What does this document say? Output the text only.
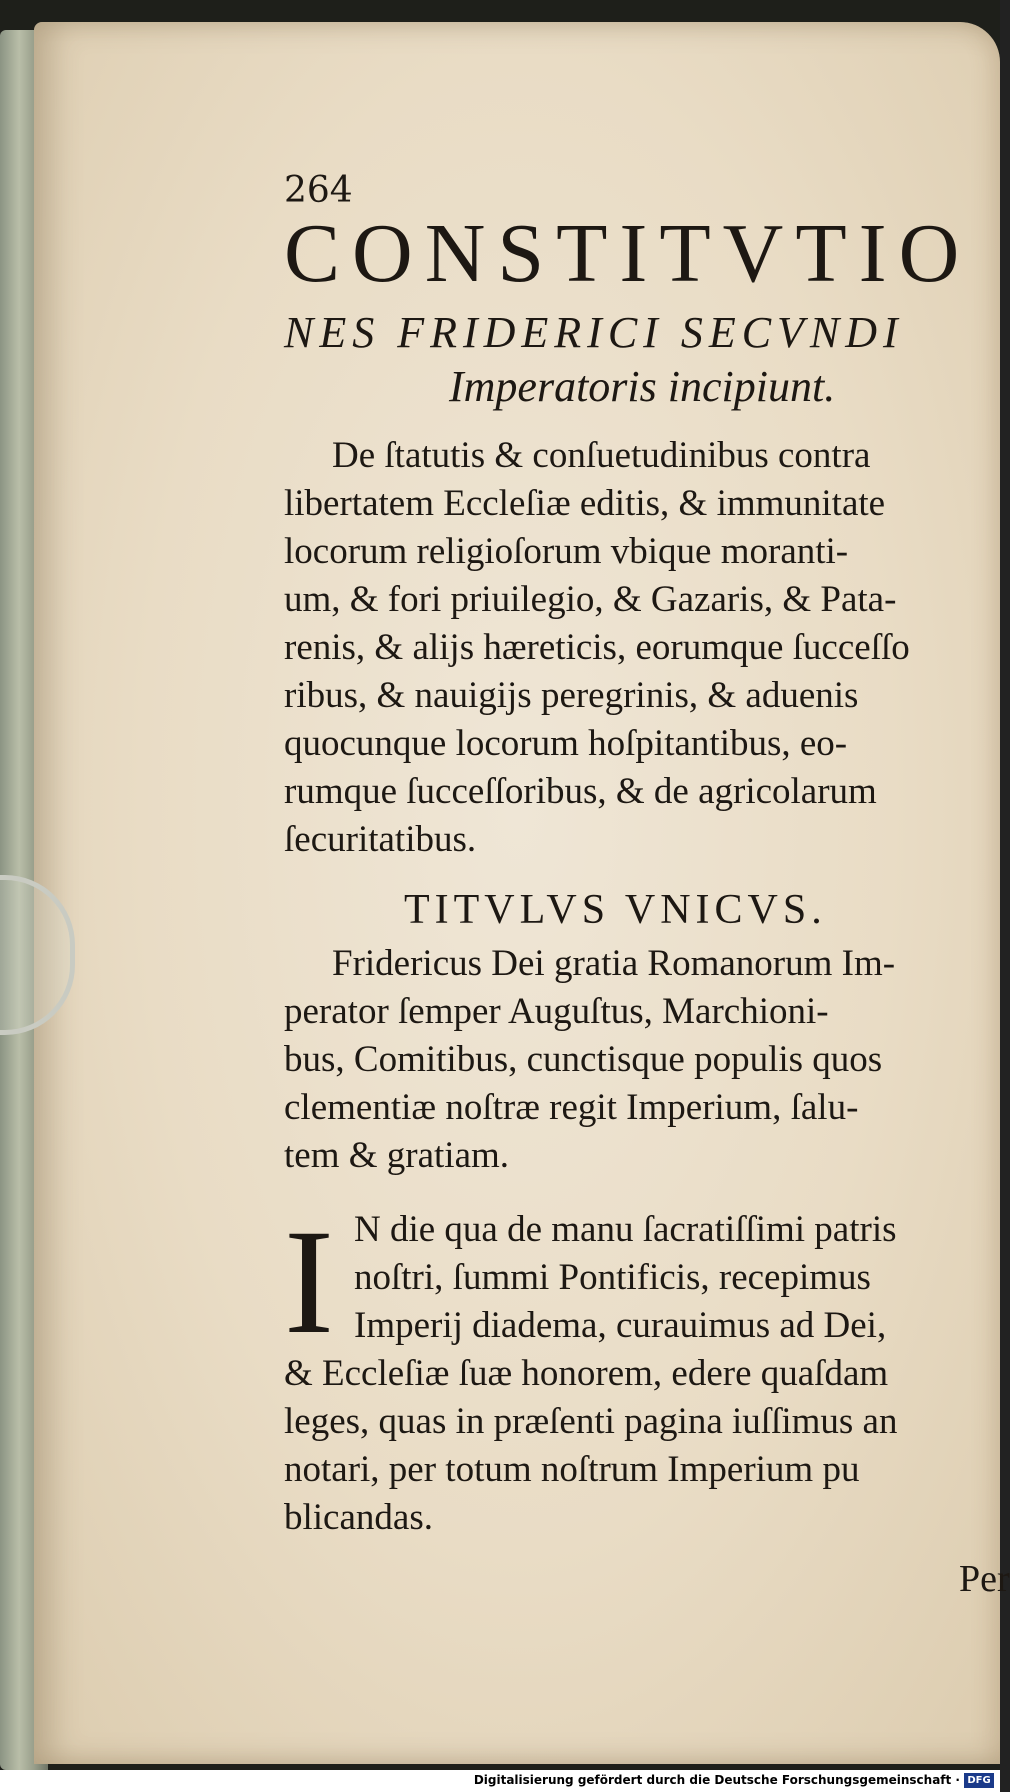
264

CONSTITVTIO

NES FRIDERICI SECVNDI

Imperatoris incipiunt.

De ſtatutis & conſuetudinibus contra
libertatem Eccleſiæ editis, & immunitate
locorum religioſorum vbique moranti-
um, & fori priuilegio, & Gazaris, & Pata-
renis, & alijs hæreticis, eorumque ſucceſſo
ribus, & nauigijs peregrinis, & aduenis
quocunque locorum hoſpitantibus, eo-
rumque ſucceſſoribus, & de agricolarum
ſecuritatibus.

TITVLVS VNICVS.

Fridericus Dei gratia Romanorum Im-
perator ſemper Auguſtus, Marchioni-
bus, Comitibus, cunctisque populis quos
clementiæ noſtræ regit Imperium, ſalu-
tem & gratiam.
I N die qua de manu ſacratiſſimi patris
noſtri, ſummi Pontificis, recepimus
Imperij diadema, curauimus ad Dei,
& Eccleſiæ ſuæ honorem, edere quaſdam
leges, quas in præſenti pagina iuſſimus an
notari, per totum noſtrum Imperium pu
blicandas.
Per
Digitalisierung gefördert durch die Deutsche Forschungsgemeinschaft · DFG
